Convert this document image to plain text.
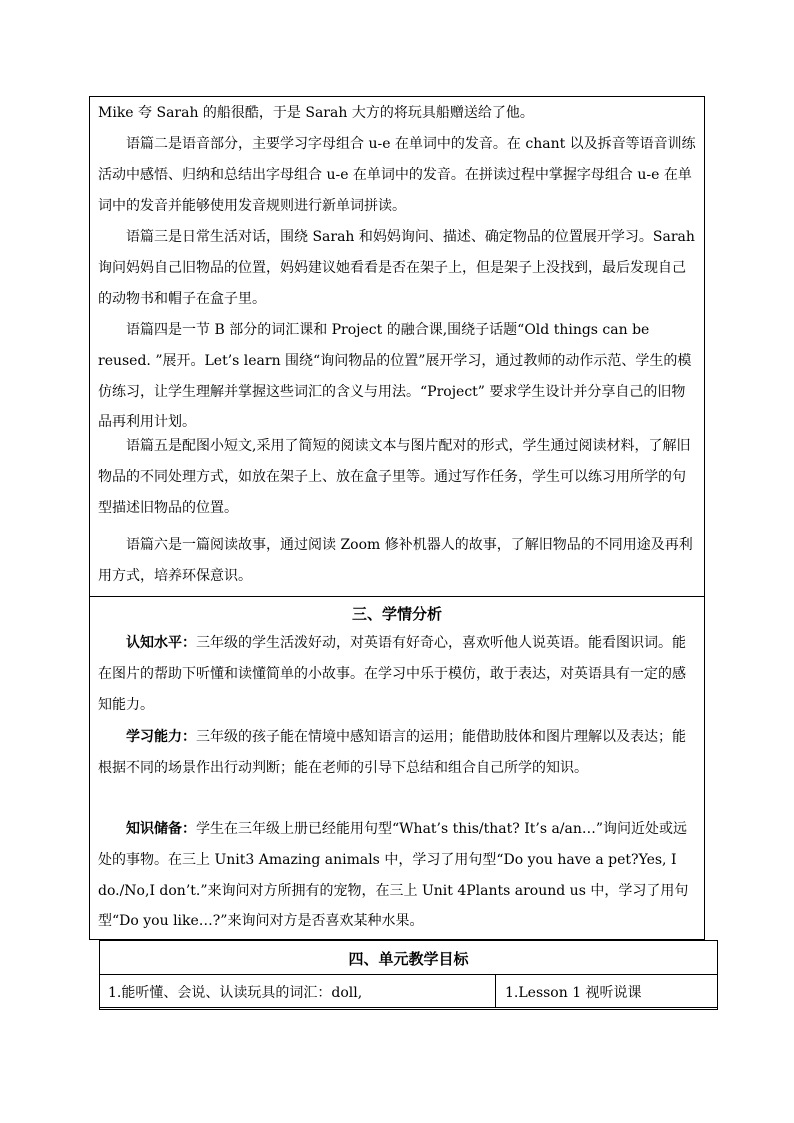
Mike 夸 Sarah 的船很酷，于是 Sarah 大方的将玩具船赠送给了他。

语篇二是语音部分，主要学习字母组合 u-e 在单词中的发音。在 chant 以及拆音等语音训练活动中感悟、归纳和总结出字母组合 u-e 在单词中的发音。在拼读过程中掌握字母组合 u-e 在单词中的发音并能够使用发音规则进行新单词拼读。

语篇三是日常生活对话，围绕 Sarah 和妈妈询问、描述、确定物品的位置展开学习。Sarah 询问妈妈自己旧物品的位置，妈妈建议她看看是否在架子上，但是架子上没找到，最后发现自己的动物书和帽子在盒子里。

语篇四是一节 B 部分的词汇课和 Project 的融合课,围绕子话题“Old things can be reused. ”展开。Let’s learn 围绕“询问物品的位置”展开学习，通过教师的动作示范、学生的模仿练习，让学生理解并掌握这些词汇的含义与用法。“Project” 要求学生设计并分享自己的旧物品再利用计划。

语篇五是配图小短文,采用了简短的阅读文本与图片配对的形式，学生通过阅读材料，了解旧物品的不同处理方式，如放在架子上、放在盒子里等。通过写作任务，学生可以练习用所学的句型描述旧物品的位置。

语篇六是一篇阅读故事，通过阅读 Zoom 修补机器人的故事，了解旧物品的不同用途及再利用方式，培养环保意识。

三、学情分析

认知水平：三年级的学生活泼好动，对英语有好奇心，喜欢听他人说英语。能看图识词。能在图片的帮助下听懂和读懂简单的小故事。在学习中乐于模仿，敢于表达，对英语具有一定的感知能力。

学习能力：三年级的孩子能在情境中感知语言的运用；能借助肢体和图片理解以及表达；能根据不同的场景作出行动判断；能在老师的引导下总结和组合自己所学的知识。

知识储备：学生在三年级上册已经能用句型“What’s this/that? It’s a/an…”询问近处或远处的事物。在三上 Unit3 Amazing animals 中，学习了用句型“Do you have a pet?Yes, I do./No,I don’t.”来询问对方所拥有的宠物，在三上 Unit 4Plants around us 中，学习了用句型“Do you like…?”来询问对方是否喜欢某种水果。

四、单元教学目标
1.能听懂、会说、认读玩具的词汇：doll,	1.Lesson 1 视听说课
